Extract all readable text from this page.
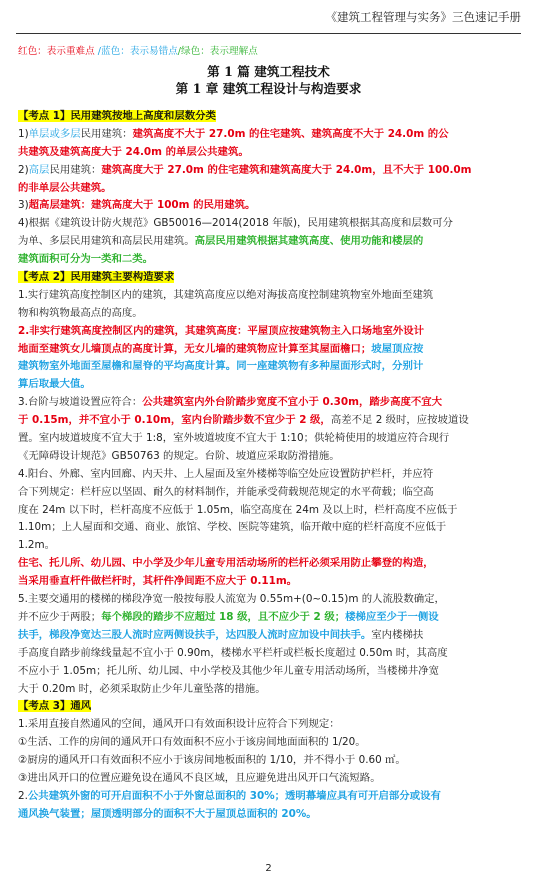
《建筑工程管理与实务》三色速记手册
红色：表示重难点 /蓝色：表示易错点/绿色：表示理解点
第 1 篇 建筑工程技术
第 1 章 建筑工程设计与构造要求
【考点 1】民用建筑按地上高度和层数分类
1)单层或多层民用建筑：建筑高度不大于 27.0m 的住宅建筑、建筑高度不大于 24.0m 的公
共建筑及建筑高度大于 24.0m 的单层公共建筑。
2)高层民用建筑：建筑高度大于 27.0m 的住宅建筑和建筑高度大于 24.0m，且不大于 100.0m
的非单层公共建筑。
3)超高层建筑：建筑高度大于 100m 的民用建筑。
4)根据《建筑设计防火规范》GB50016—2014(2018 年版)，民用建筑根据其高度和层数可分
为单、多层民用建筑和高层民用建筑。高层民用建筑根据其建筑高度、使用功能和楼层的
建筑面积可分为一类和二类。
【考点 2】民用建筑主要构造要求
1.实行建筑高度控制区内的建筑，其建筑高度应以绝对海拔高度控制建筑物室外地面至建筑
物和构筑物最高点的高度。
2.非实行建筑高度控制区内的建筑，其建筑高度：平屋顶应按建筑物主入口场地室外设计
地面至建筑女儿墙顶点的高度计算，无女儿墙的建筑物应计算至其屋面檐口；坡屋顶应按
建筑物室外地面至屋檐和屋脊的平均高度计算。同一座建筑物有多种屋面形式时，分别计
算后取最大值。
3.台阶与坡道设置应符合：公共建筑室内外台阶踏步宽度不宜小于 0.30m，踏步高度不宜大
于 0.15m，并不宜小于 0.10m，室内台阶踏步数不宜少于 2 级，高差不足 2 级时，应按坡道设
置。室内坡道坡度不宜大于 1:8，室外坡道坡度不宜大于 1:10；供轮椅使用的坡道应符合现行
《无障碍设计规范》GB50763 的规定。台阶、坡道应采取防滑措施。
4.阳台、外廊、室内回廊、内天井、上人屋面及室外楼梯等临空处应设置防护栏杆，并应符
合下列规定：栏杆应以坚固、耐久的材料制作，并能承受荷载规范规定的水平荷载；临空高
度在 24m 以下时，栏杆高度不应低于 1.05m，临空高度在 24m 及以上时，栏杆高度不应低于
1.10m；上人屋面和交通、商业、旅馆、学校、医院等建筑，临开敞中庭的栏杆高度不应低于
1.2m。
住宅、托儿所、幼儿园、中小学及少年儿童专用活动场所的栏杆必须采用防止攀登的构造，
当采用垂直杆件做栏杆时，其杆件净间距不应大于 0.11m。
5.主要交通用的楼梯的梯段净宽一般按每股人流宽为 0.55m+(0~0.15)m 的人流股数确定，
并不应少于两股；每个梯段的踏步不应超过 18 级，且不应少于 2 级；楼梯应至少于一侧设
扶手，梯段净宽达三股人流时应两侧设扶手，达四股人流时应加设中间扶手。室内楼梯扶
手高度自踏步前缘线量起不宜小于 0.90m，楼梯水平栏杆或栏板长度超过 0.50m 时，其高度
不应小于 1.05m；托儿所、幼儿园、中小学校及其他少年儿童专用活动场所，当楼梯井净宽
大于 0.20m 时，必须采取防止少年儿童坠落的措施。
【考点 3】通风
1.采用直接自然通风的空间，通风开口有效面积设计应符合下列规定：
①生活、工作的房间的通风开口有效面积不应小于该房间地面面积的 1/20。
②厨房的通风开口有效面积不应小于该房间地板面积的 1/10，并不得小于 0.60 ㎡。
③进出风开口的位置应避免设在通风不良区域，且应避免进出风开口气流短路。
2.公共建筑外窗的可开启面积不小于外窗总面积的 30%；透明幕墙应具有可开启部分或设有
通风换气装置；屋顶透明部分的面积不大于屋顶总面积的 20%。
2
